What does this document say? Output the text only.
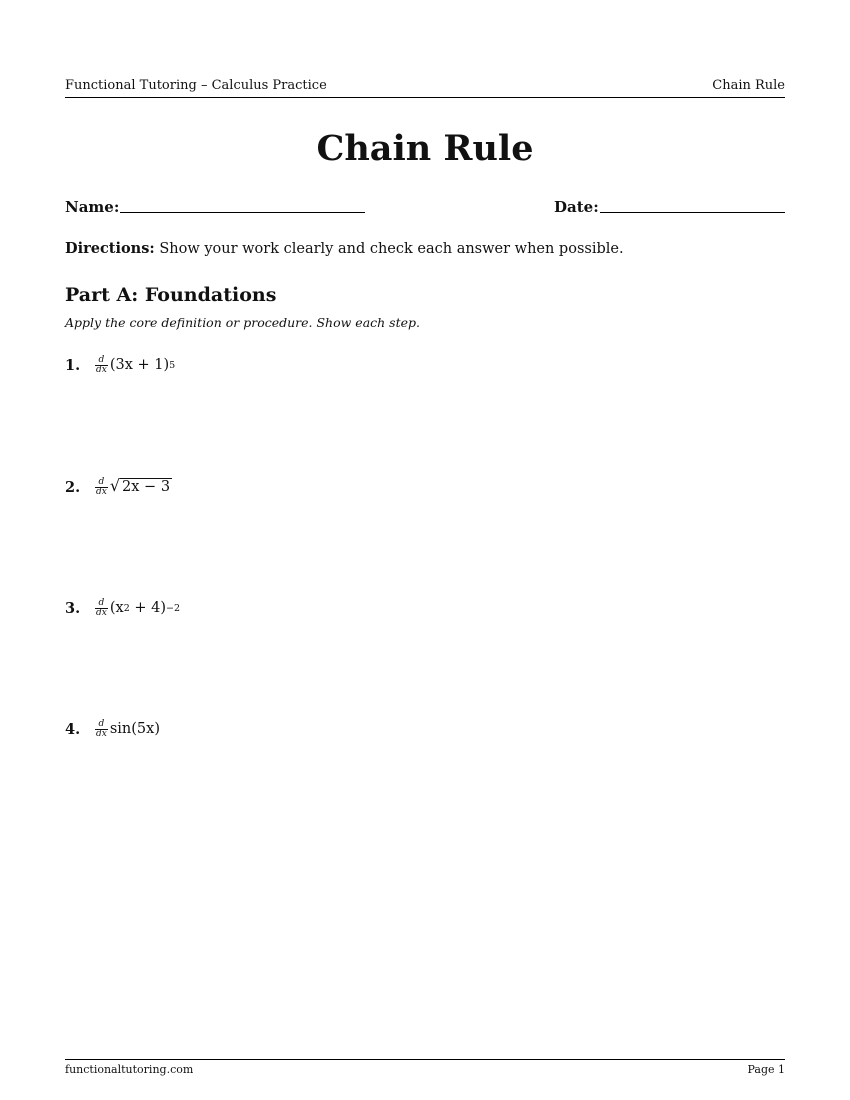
Functional Tutoring – Calculus Practice	Chain Rule
Chain Rule
Name:	Date:
Directions: Show your work clearly and check each answer when possible.
Part A: Foundations
Apply the core definition or procedure. Show each step.
1.	$\frac{d}{dx} (3x + 1)$ 5
2.	$\frac{d}{dx}$ √ 2x − 3
3.	$\frac{d}{dx} (x$ 2 + 4) −2
4.	$\frac{d}{dx} \sin(5x)$
functionaltutoring.com	Page 1
